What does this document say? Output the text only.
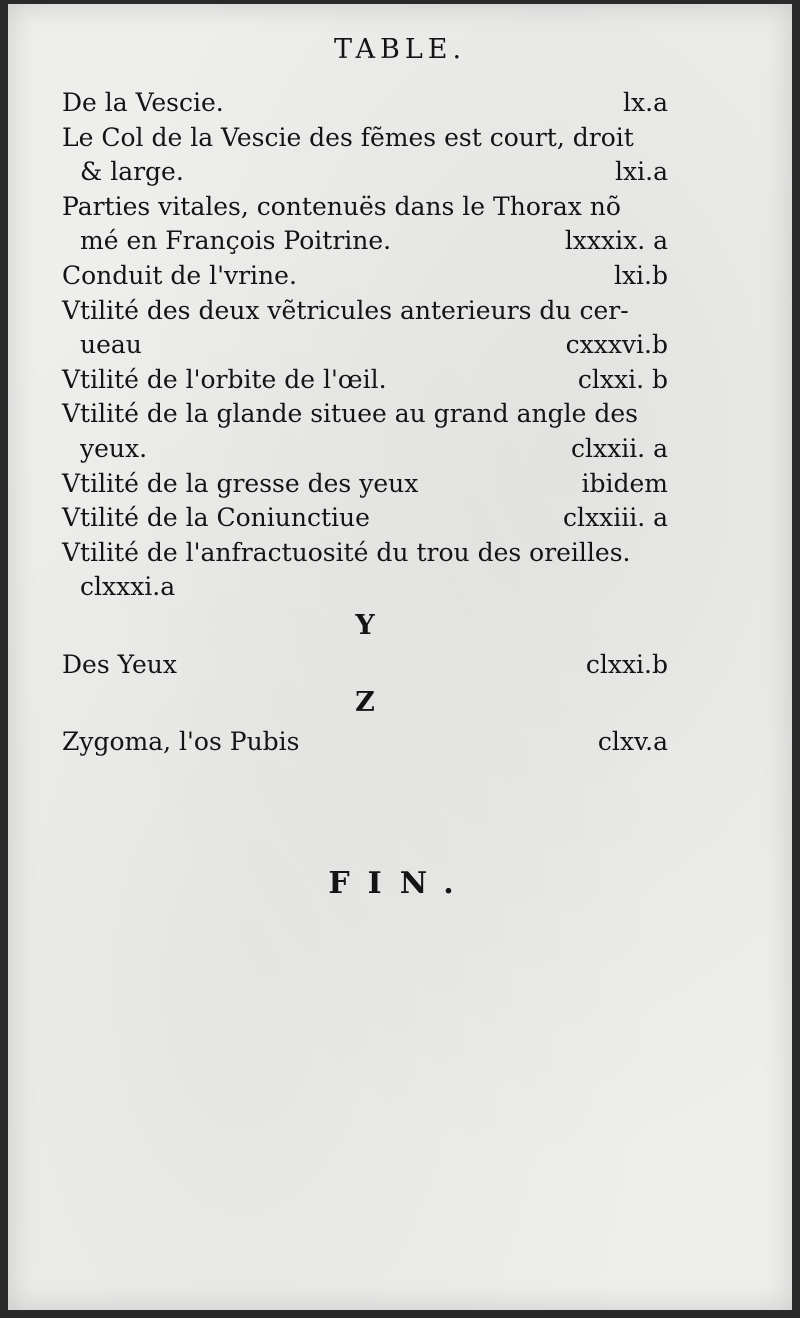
TABLE.
De la Vescie.	lx.a
Le Col de la Vescie des fẽmes est court, droit
& large.	lxi.a
Parties vitales, contenuës dans le Thorax nõ
mé en François Poitrine.	lxxxix. a
Conduit de l'vrine.	lxi.b
Vtilité des deux vẽtricules anterieurs du cer-
ueau	cxxxvi.b
Vtilité de l'orbite de l'œil.	clxxi. b
Vtilité de la glande situee au grand angle des
yeux.	clxxii. a
Vtilité de la gresse des yeux	ibidem
Vtilité de la Coniunctiue	clxxiii. a
Vtilité de l'anfractuosité du trou des oreilles.
clxxxi.a
Y
Des Yeux	clxxi.b
Z
Zygoma, l'os Pubis	clxv.a
FIN.
